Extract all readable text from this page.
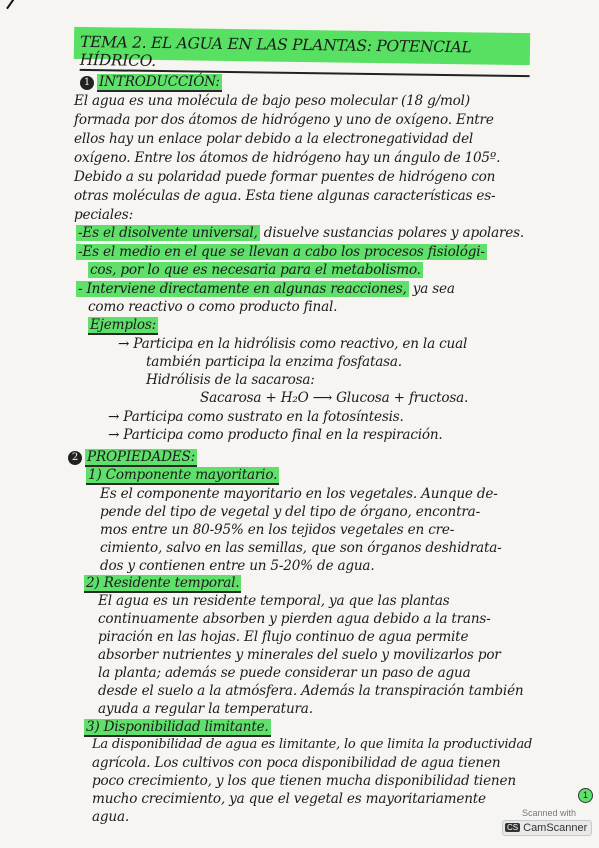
TEMA 2. EL AGUA EN LAS PLANTAS: POTENCIAL HÍDRICO.
1 INTRODUCCIÓN:
El agua es una molécula de bajo peso molecular (18 g/mol)
formada por dos átomos de hidrógeno y uno de oxígeno. Entre
ellos hay un enlace polar debido a la electronegatividad del
oxígeno. Entre los átomos de hidrógeno hay un ángulo de 105º.
Debido a su polaridad puede formar puentes de hidrógeno con
otras moléculas de agua. Esta tiene algunas características es-
peciales:
-Es el disolvente universal, disuelve sustancias polares y apolares.
-Es el medio en el que se llevan a cabo los procesos fisiológi-
cos, por lo que es necesaria para el metabolismo.
- Interviene directamente en algunas reacciones, ya sea
como reactivo o como producto final.
Ejemplos:
→ Participa en la hidrólisis como reactivo, en la cual
también participa la enzima fosfatasa.
Hidrólisis de la sacarosa:
Sacarosa + H₂O ⟶ Glucosa + fructosa.
→ Participa como sustrato en la fotosíntesis.
→ Participa como producto final en la respiración.
2 PROPIEDADES:
1) Componente mayoritario.
Es el componente mayoritario en los vegetales. Aunque de-
pende del tipo de vegetal y del tipo de órgano, encontra-
mos entre un 80-95% en los tejidos vegetales en cre-
cimiento, salvo en las semillas, que son órganos deshidrata-
dos y contienen entre un 5-20% de agua.
2) Residente temporal.
El agua es un residente temporal, ya que las plantas
continuamente absorben y pierden agua debido a la trans-
piración en las hojas. El flujo continuo de agua permite
absorber nutrientes y minerales del suelo y movilizarlos por
la planta; además se puede considerar un paso de agua
desde el suelo a la atmósfera. Además la transpiración también
ayuda a regular la temperatura.
3) Disponibilidad limitante.
La disponibilidad de agua es limitante, lo que limita la productividad
agrícola. Los cultivos con poca disponibilidad de agua tienen
poco crecimiento, y los que tienen mucha disponibilidad tienen
mucho crecimiento, ya que el vegetal es mayoritariamente
agua.
1
Scanned with
CS CamScanner
